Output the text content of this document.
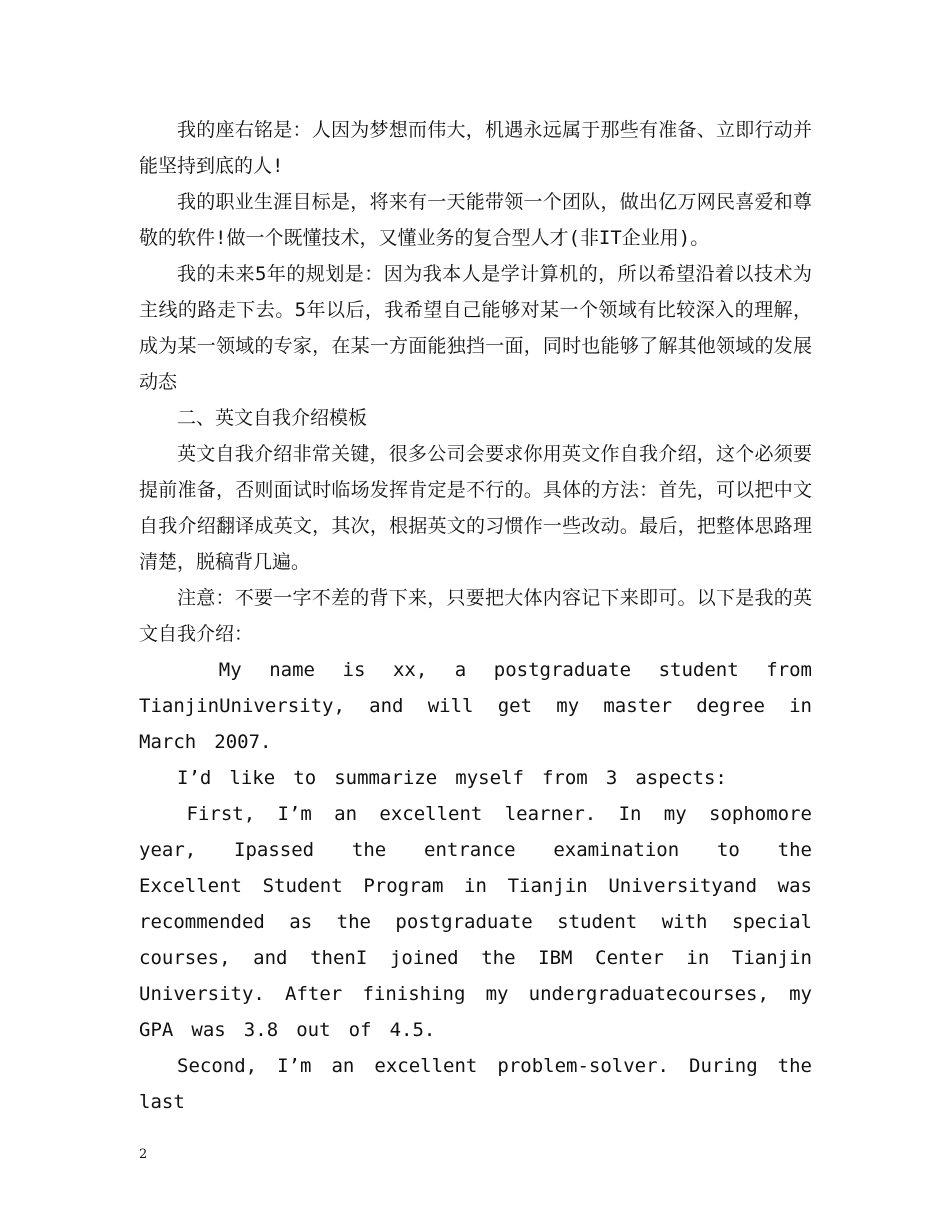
我的座右铭是：人因为梦想而伟大，机遇永远属于那些有准备、立即行动并能坚持到底的人!

我的职业生涯目标是，将来有一天能带领一个团队，做出亿万网民喜爱和尊敬的软件!做一个既懂技术，又懂业务的复合型人才(非IT企业用)。

我的未来5年的规划是：因为我本人是学计算机的，所以希望沿着以技术为主线的路走下去。5年以后，我希望自己能够对某一个领域有比较深入的理解，成为某一领域的专家，在某一方面能独挡一面，同时也能够了解其他领域的发展动态

二、英文自我介绍模板

英文自我介绍非常关键，很多公司会要求你用英文作自我介绍，这个必须要提前准备，否则面试时临场发挥肯定是不行的。具体的方法：首先，可以把中文自我介绍翻译成英文，其次，根据英文的习惯作一些改动。最后，把整体思路理清楚，脱稿背几遍。

注意：不要一字不差的背下来，只要把大体内容记下来即可。以下是我的英文自我介绍：

My name is xx, a postgraduate student from TianjinUniversity, and will get my master degree in March 2007.

I’d like to summarize myself from 3 aspects:

First, I’m an excellent learner. In my sophomore year, Ipassed the entrance examination to the Excellent Student Program in Tianjin Universityand was recommended as the postgraduate student with special courses, and thenI joined the IBM Center in Tianjin University. After finishing my undergraduatecourses, my GPA was 3.8 out of 4.5.

Second, I’m an excellent problem-solver. During the last

2
